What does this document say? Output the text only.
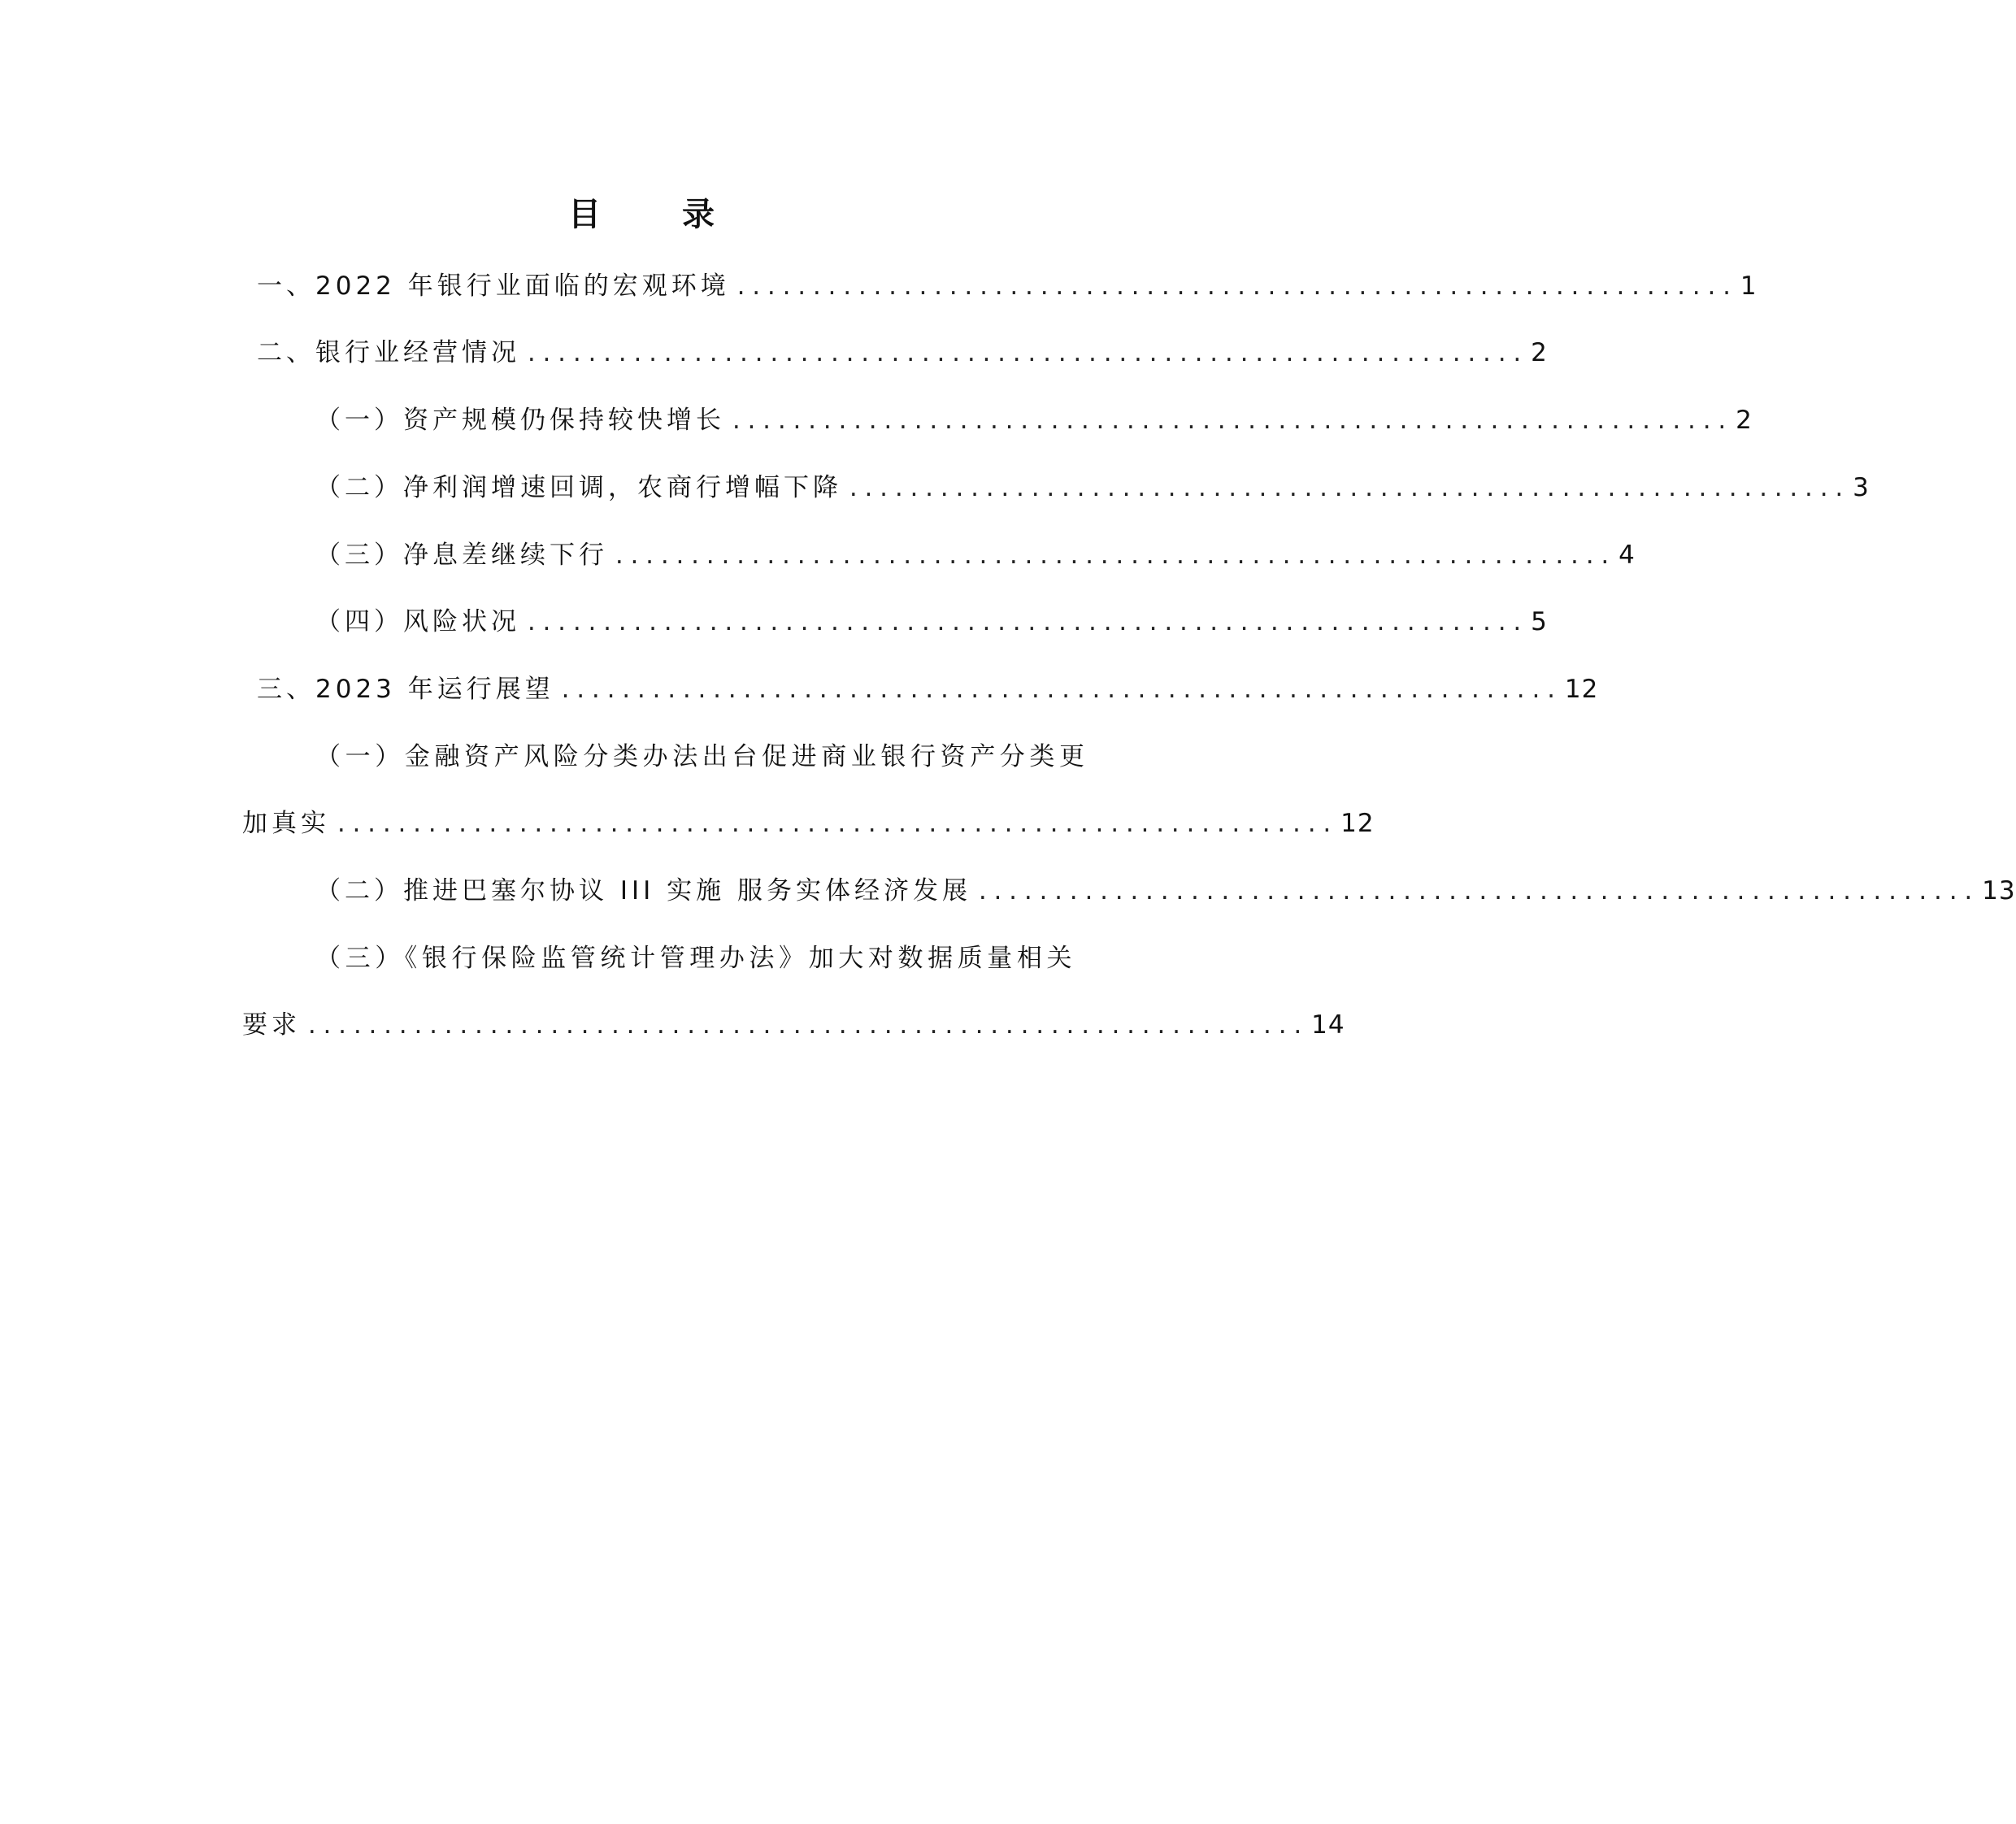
目　录
一、2022 年银行业面临的宏观环境 .................................................................. 1
二、银行业经营情况 .................................................................. 2
（一）资产规模仍保持较快增长 .................................................................. 2
（二）净利润增速回调，农商行增幅下降 .................................................................. 3
（三）净息差继续下行 .................................................................. 4
（四）风险状况 .................................................................. 5
三、2023 年运行展望 .................................................................. 12
（一）金融资产风险分类办法出台促进商业银行资产分类更
加真实 .................................................................. 12
（二）推进巴塞尔协议 III 实施 服务实体经济发展 .................................................................. 13
（三）《银行保险监管统计管理办法》加大对数据质量相关
要求 .................................................................. 14
